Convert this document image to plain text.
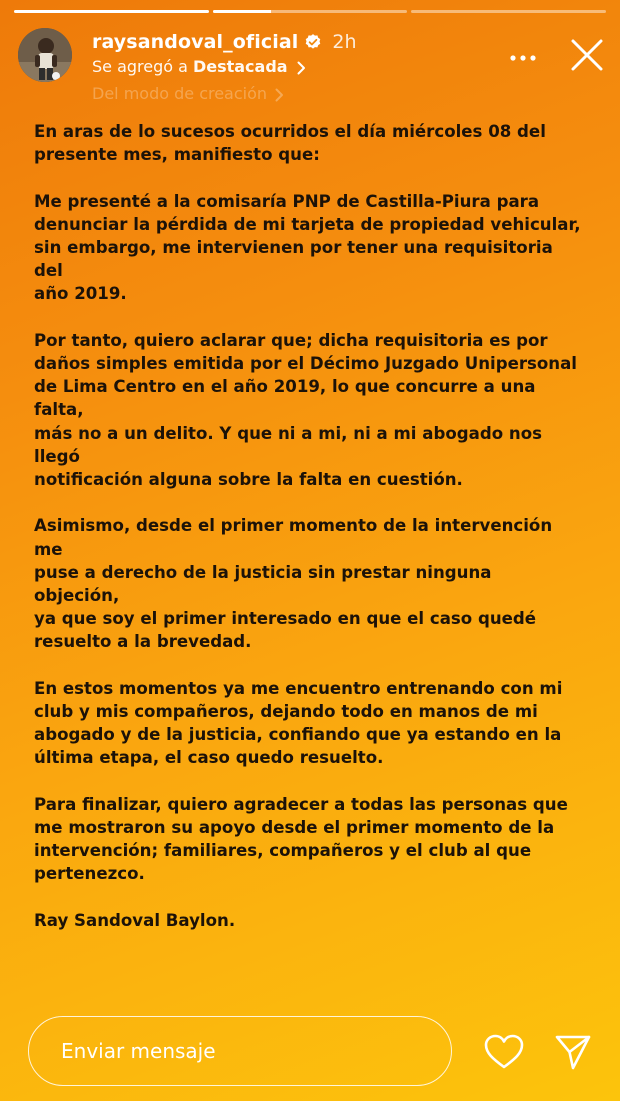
raysandoval_oficial 2h
Se agregó a Destacada
Del modo de creación

En aras de lo sucesos ocurridos el día miércoles 08 del
presente mes, manifiesto que:

Me presenté a la comisaría PNP de Castilla-Piura para
denunciar la pérdida de mi tarjeta de propiedad vehicular,
sin embargo, me intervienen por tener una requisitoria del
año 2019.

Por tanto, quiero aclarar que; dicha requisitoria es por
daños simples emitida por el Décimo Juzgado Unipersonal
de Lima Centro en el año 2019, lo que concurre a una falta,
más no a un delito. Y que ni a mi, ni a mi abogado nos llegó
notificación alguna sobre la falta en cuestión.

Asimismo, desde el primer momento de la intervención me
puse a derecho de la justicia sin prestar ninguna objeción,
ya que soy el primer interesado en que el caso quedé
resuelto a la brevedad.

En estos momentos ya me encuentro entrenando con mi
club y mis compañeros, dejando todo en manos de mi
abogado y de la justicia, confiando que ya estando en la
última etapa, el caso quedo resuelto.

Para finalizar, quiero agradecer a todas las personas que
me mostraron su apoyo desde el primer momento de la
intervención; familiares, compañeros y el club al que
pertenezco.

Ray Sandoval Baylon.

Enviar mensaje
